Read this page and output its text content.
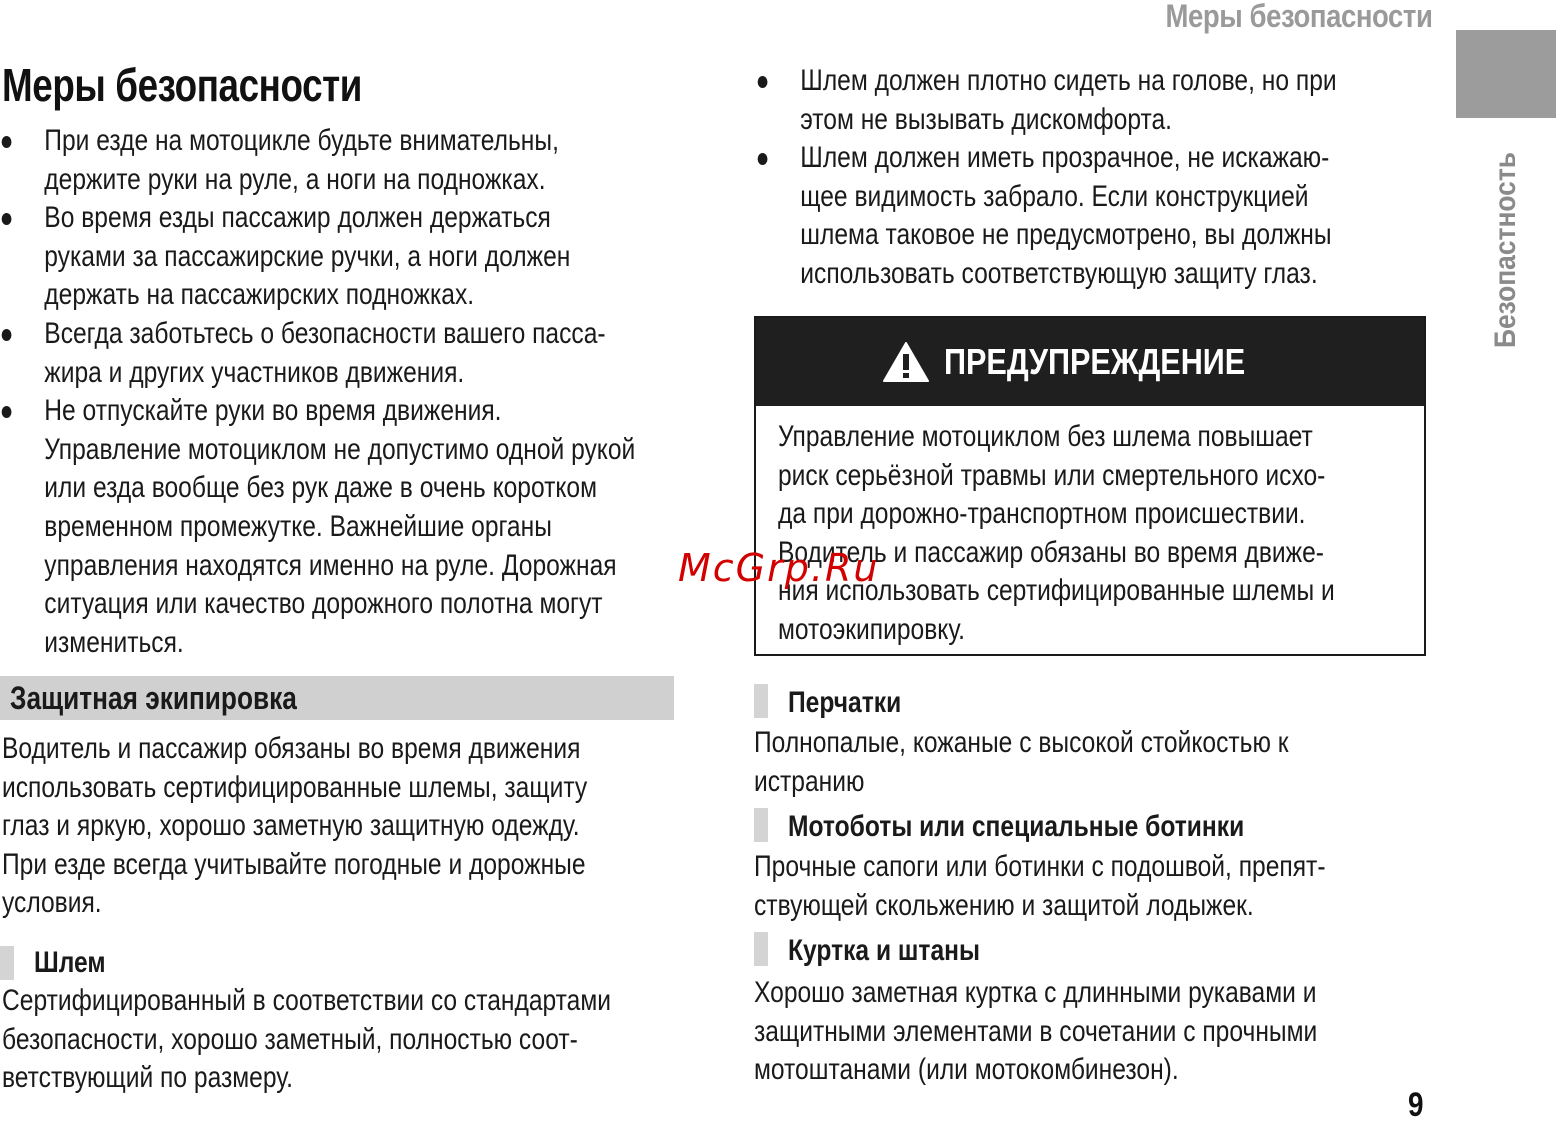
Меры безопасности
Безопастность
Меры безопасности
При езде на мотоцикле будьте внимательны,
держите руки на руле, а ноги на подножках.
Во время езды пассажир должен держаться
руками за пассажирские ручки, а ноги должен
держать на пассажирских подножках.
Всегда заботьтесь о безопасности вашего пасса-
жира и других участников движения.
Не отпускайте руки во время движения.
Управление мотоциклом не допустимо одной рукой
или езда вообще без рук даже в очень коротком
временном промежутке. Важнейшие органы
управления находятся именно на руле. Дорожная
ситуация или качество дорожного полотна могут
измениться.
Защитная экипировка
Водитель и пассажир обязаны во время движения
использовать сертифицированные шлемы, защиту
глаз и яркую, хорошо заметную защитную одежду.
При езде всегда учитывайте погодные и дорожные
условия.
Шлем
Сертифицированный в соответствии со стандартами
безопасности, хорошо заметный, полностью соот-
ветствующий по размеру.
Шлем должен плотно сидеть на голове, но при
этом не вызывать дискомфорта.
Шлем должен иметь прозрачное, не искажаю-
щее видимость забрало. Если конструкцией
шлема таковое не предусмотрено, вы должны
использовать соответствующую защиту глаз.
ПРЕДУПРЕЖДЕНИЕ
Управление мотоциклом без шлема повышает
риск серьёзной травмы или смертельного исхо-
да при дорожно-транспортном происшествии.
Водитель и пассажир обязаны во время движе-
ния использовать сертифицированные шлемы и
мотоэкипировку.
McGrp.Ru
Перчатки
Полнопалые, кожаные с высокой стойкостью к
истранию
Мотоботы или специальные ботинки
Прочные сапоги или ботинки с подошвой, препят-
ствующей скольжению и защитой лодыжек.
Куртка и штаны
Хорошо заметная куртка с длинными рукавами и
защитными элементами в сочетании с прочными
мотоштанами (или мотокомбинезон).
9
